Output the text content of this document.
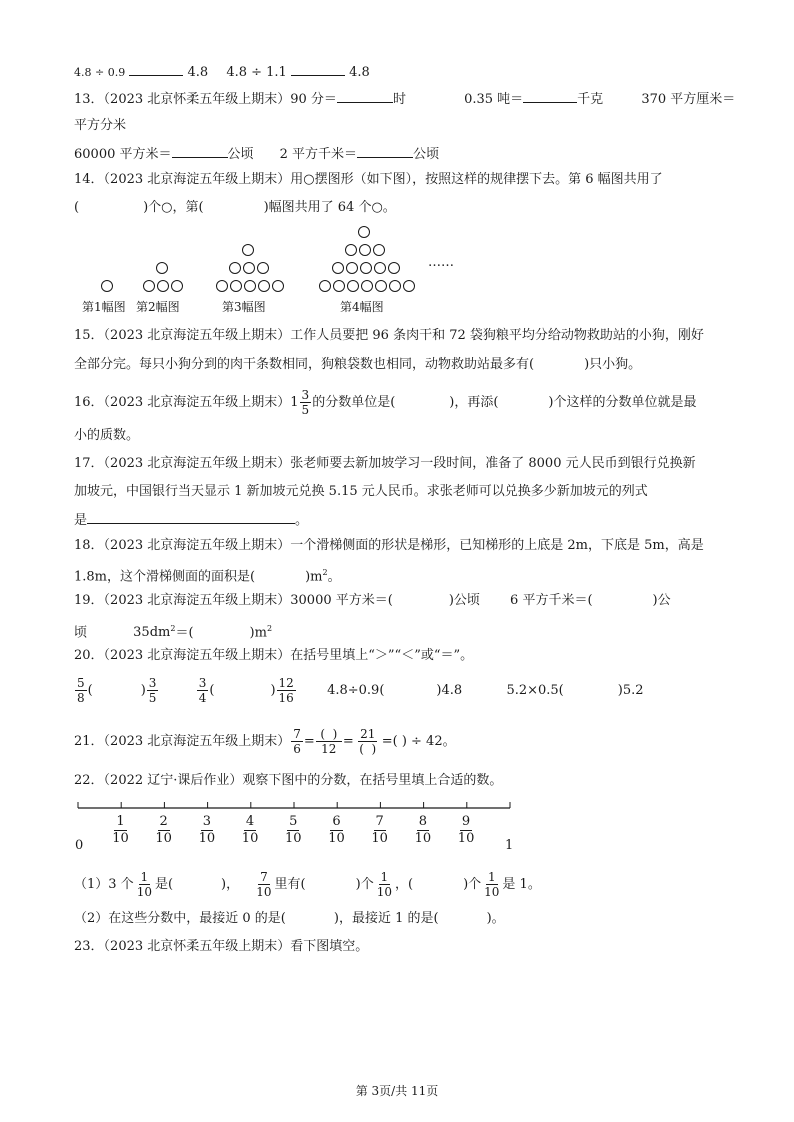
4.8 ÷ 0.9	4.8 4.8 ÷ 1.1	4.8
13．（2023 北京怀柔五年级上期末）90 分＝	时	0.35 吨＝	千克	370 平方厘米＝
平方分米
60000 平方米＝	公顷 2 平方千米＝	公顷
14．（2023 北京海淀五年级上期末）用○摆图形（如下图），按照这样的规律摆下去。第 6 幅图共用了
(	)个○，第(	)幅图共用了 64 个○。
……
第1幅图 第2幅图	第3幅图	第4幅图
15．（2023 北京海淀五年级上期末）工作人员要把 96 条肉干和 72 袋狗粮平均分给动物救助站的小狗，刚好
全部分完。每只小狗分到的肉干条数相同，狗粮袋数也相同，动物救助站最多有(	)只小狗。
16．（2023 北京海淀五年级上期末） $1 \frac{3}{5}$ 的分数单位是(	)，再添(	)个这样的分数单位就是最
小的质数。
17．（2023 北京海淀五年级上期末）张老师要去新加坡学习一段时间，准备了 8000 元人民币到银行兑换新
加坡元，中国银行当天显示 1 新加坡元兑换 5.15 元人民币。求张老师可以兑换多少新加坡元的列式
是	。
18．（2023 北京海淀五年级上期末）一个滑梯侧面的形状是梯形，已知梯形的上底是 2m，下底是 5m，高是
1.8m，这个滑梯侧面的面积是(	)$m^2$。
19．（2023 北京海淀五年级上期末）30000 平方米＝(	)公顷 6 平方千米＝(	)公
顷	$35dm^2=$(	)$m^2$
20．（2023 北京海淀五年级上期末）在括号里填上“＞”“＜”或“＝”。
$\frac{5}{8}$ (	) $\frac{3}{5}$
	$\frac{3}{4}$ (	) $\frac{12}{16} 4.8\div 0.9$(	)4.8	5.2×0.5(	)5.2
21．（2023 北京海淀五年级上期末） $\frac{7}{6} = \frac{( )}{12} = \frac{21}{( )}$ =( ) ÷ 42。
22．（2022 辽宁·课后作业）观察下图中的分数，在括号里填上合适的数。
$\frac{1}{10} \frac{2}{10} \frac{3}{10} \frac{4}{10} \frac{5}{10} \frac{6}{10} \frac{7}{10} \frac{8}{10} \frac{9}{10}$
0	1
（1）3 个 $\frac{1}{10}$ 是(	)， $\frac{7}{10}$ 里有(	)个 $\frac{1}{10}$ ，(	)个 $\frac{1}{10}$ 是 1。
（2）在这些分数中，最接近 0 的是(	)，最接近 1 的是(	)。
23．（2023 北京怀柔五年级上期末）看下图填空。
第 3页/共 11页
